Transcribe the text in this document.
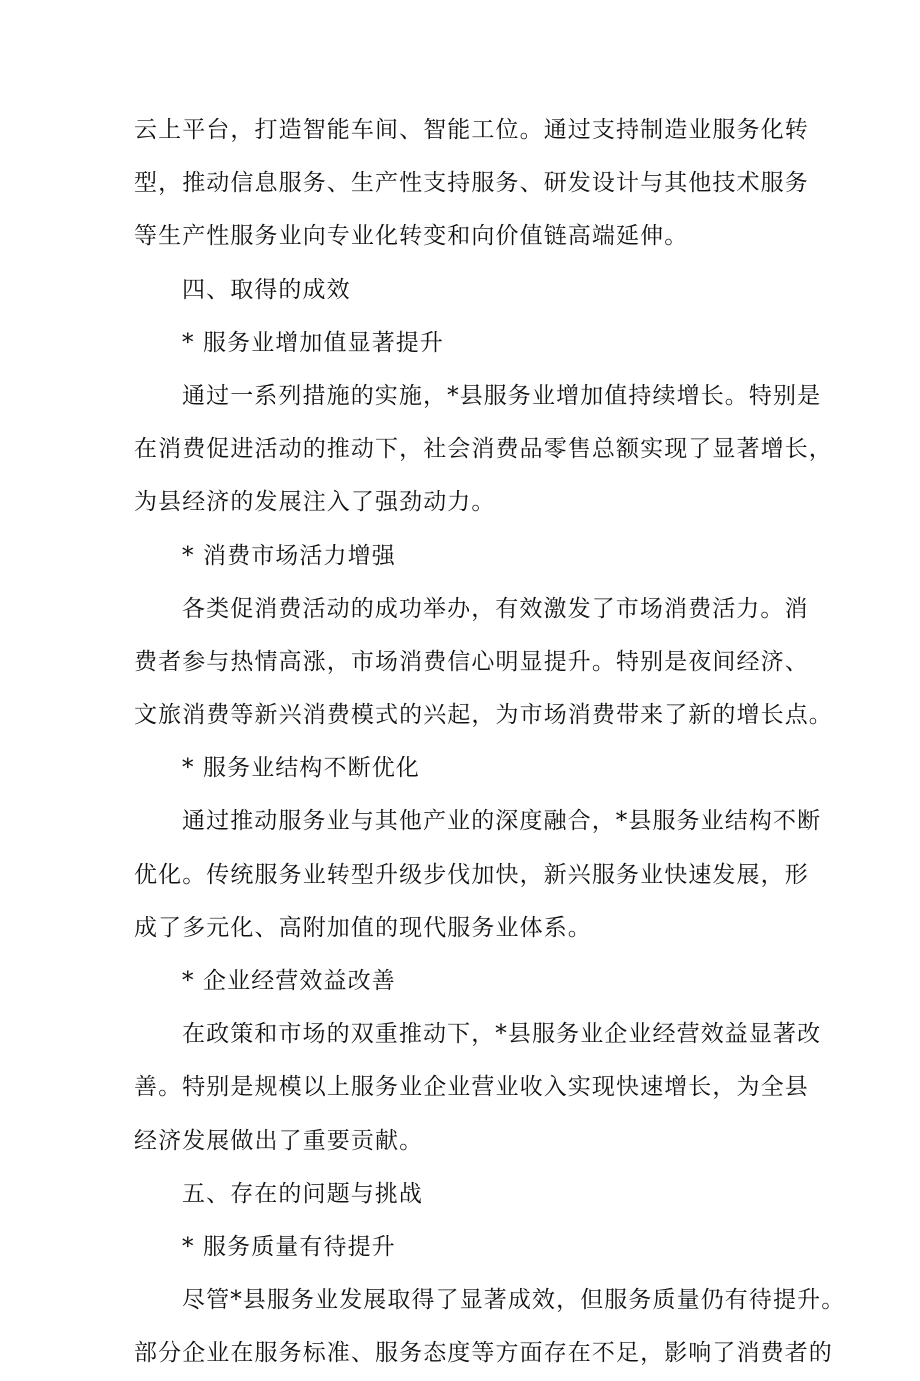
云上平台，打造智能车间、智能工位。通过支持制造业服务化转
型，推动信息服务、生产性支持服务、研发设计与其他技术服务
等生产性服务业向专业化转变和向价值链高端延伸。
四、取得的成效
* 服务业增加值显著提升
通过一系列措施的实施，*县服务业增加值持续增长。特别是
在消费促进活动的推动下，社会消费品零售总额实现了显著增长，
为县经济的发展注入了强劲动力。
* 消费市场活力增强
各类促消费活动的成功举办，有效激发了市场消费活力。消
费者参与热情高涨，市场消费信心明显提升。特别是夜间经济、
文旅消费等新兴消费模式的兴起，为市场消费带来了新的增长点。
* 服务业结构不断优化
通过推动服务业与其他产业的深度融合，*县服务业结构不断
优化。传统服务业转型升级步伐加快，新兴服务业快速发展，形
成了多元化、高附加值的现代服务业体系。
* 企业经营效益改善
在政策和市场的双重推动下，*县服务业企业经营效益显著改
善。特别是规模以上服务业企业营业收入实现快速增长，为全县
经济发展做出了重要贡献。
五、存在的问题与挑战
* 服务质量有待提升
尽管*县服务业发展取得了显著成效，但服务质量仍有待提升。
部分企业在服务标准、服务态度等方面存在不足，影响了消费者的
